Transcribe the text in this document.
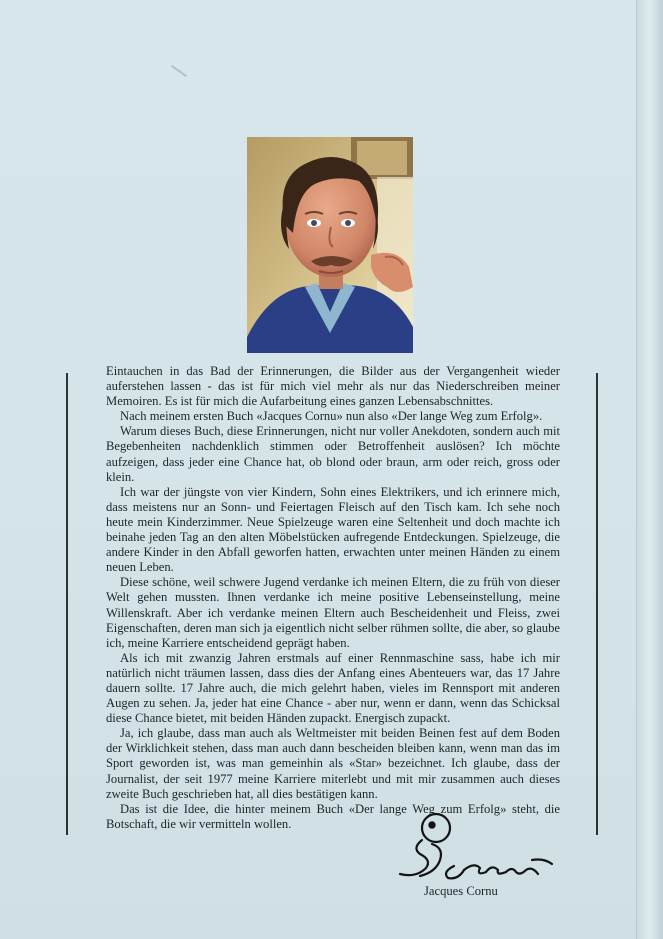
Eintauchen in das Bad der Erinnerungen, die Bilder aus der Vergangenheit wieder auferstehen lassen - das ist für mich viel mehr als nur das Niederschreiben meiner Memoiren. Es ist für mich die Aufarbeitung eines ganzen Lebensabschnittes.

Nach meinem ersten Buch «Jacques Cornu» nun also «Der lange Weg zum Erfolg».

Warum dieses Buch, diese Erinnerungen, nicht nur voller Anekdoten, sondern auch mit Begebenheiten nachdenklich stimmen oder Betroffenheit auslösen? Ich möchte aufzeigen, dass jeder eine Chance hat, ob blond oder braun, arm oder reich, gross oder klein.

Ich war der jüngste von vier Kindern, Sohn eines Elektrikers, und ich erinnere mich, dass meistens nur an Sonn- und Feiertagen Fleisch auf den Tisch kam. Ich sehe noch heute mein Kinderzimmer. Neue Spielzeuge waren eine Seltenheit und doch machte ich beinahe jeden Tag an den alten Möbelstücken aufregende Entdeckungen. Spielzeuge, die andere Kinder in den Abfall geworfen hatten, erwachten unter meinen Händen zu einem neuen Leben.

Diese schöne, weil schwere Jugend verdanke ich meinen Eltern, die zu früh von dieser Welt gehen mussten. Ihnen verdanke ich meine positive Lebenseinstellung, meine Willenskraft. Aber ich verdanke meinen Eltern auch Bescheidenheit und Fleiss, zwei Eigenschaften, deren man sich ja eigentlich nicht selber rühmen sollte, die aber, so glaube ich, meine Karriere entscheidend geprägt haben.

Als ich mit zwanzig Jahren erstmals auf einer Rennmaschine sass, habe ich mir natürlich nicht träumen lassen, dass dies der Anfang eines Abenteuers war, das 17 Jahre dauern sollte. 17 Jahre auch, die mich gelehrt haben, vieles im Rennsport mit anderen Augen zu sehen. Ja, jeder hat eine Chance - aber nur, wenn er dann, wenn das Schicksal diese Chance bietet, mit beiden Händen zupackt. Energisch zupackt.

Ja, ich glaube, dass man auch als Weltmeister mit beiden Beinen fest auf dem Boden der Wirklichkeit stehen, dass man auch dann bescheiden bleiben kann, wenn man das im Sport geworden ist, was man gemeinhin als «Star» bezeichnet. Ich glaube, dass der Journalist, der seit 1977 meine Karriere miterlebt und mit mir zusammen auch dieses zweite Buch geschrieben hat, all dies bestätigen kann.

Das ist die Idee, die hinter meinem Buch «Der lange Weg zum Erfolg» steht, die Botschaft, die wir vermitteln wollen.

Jacques Cornu
